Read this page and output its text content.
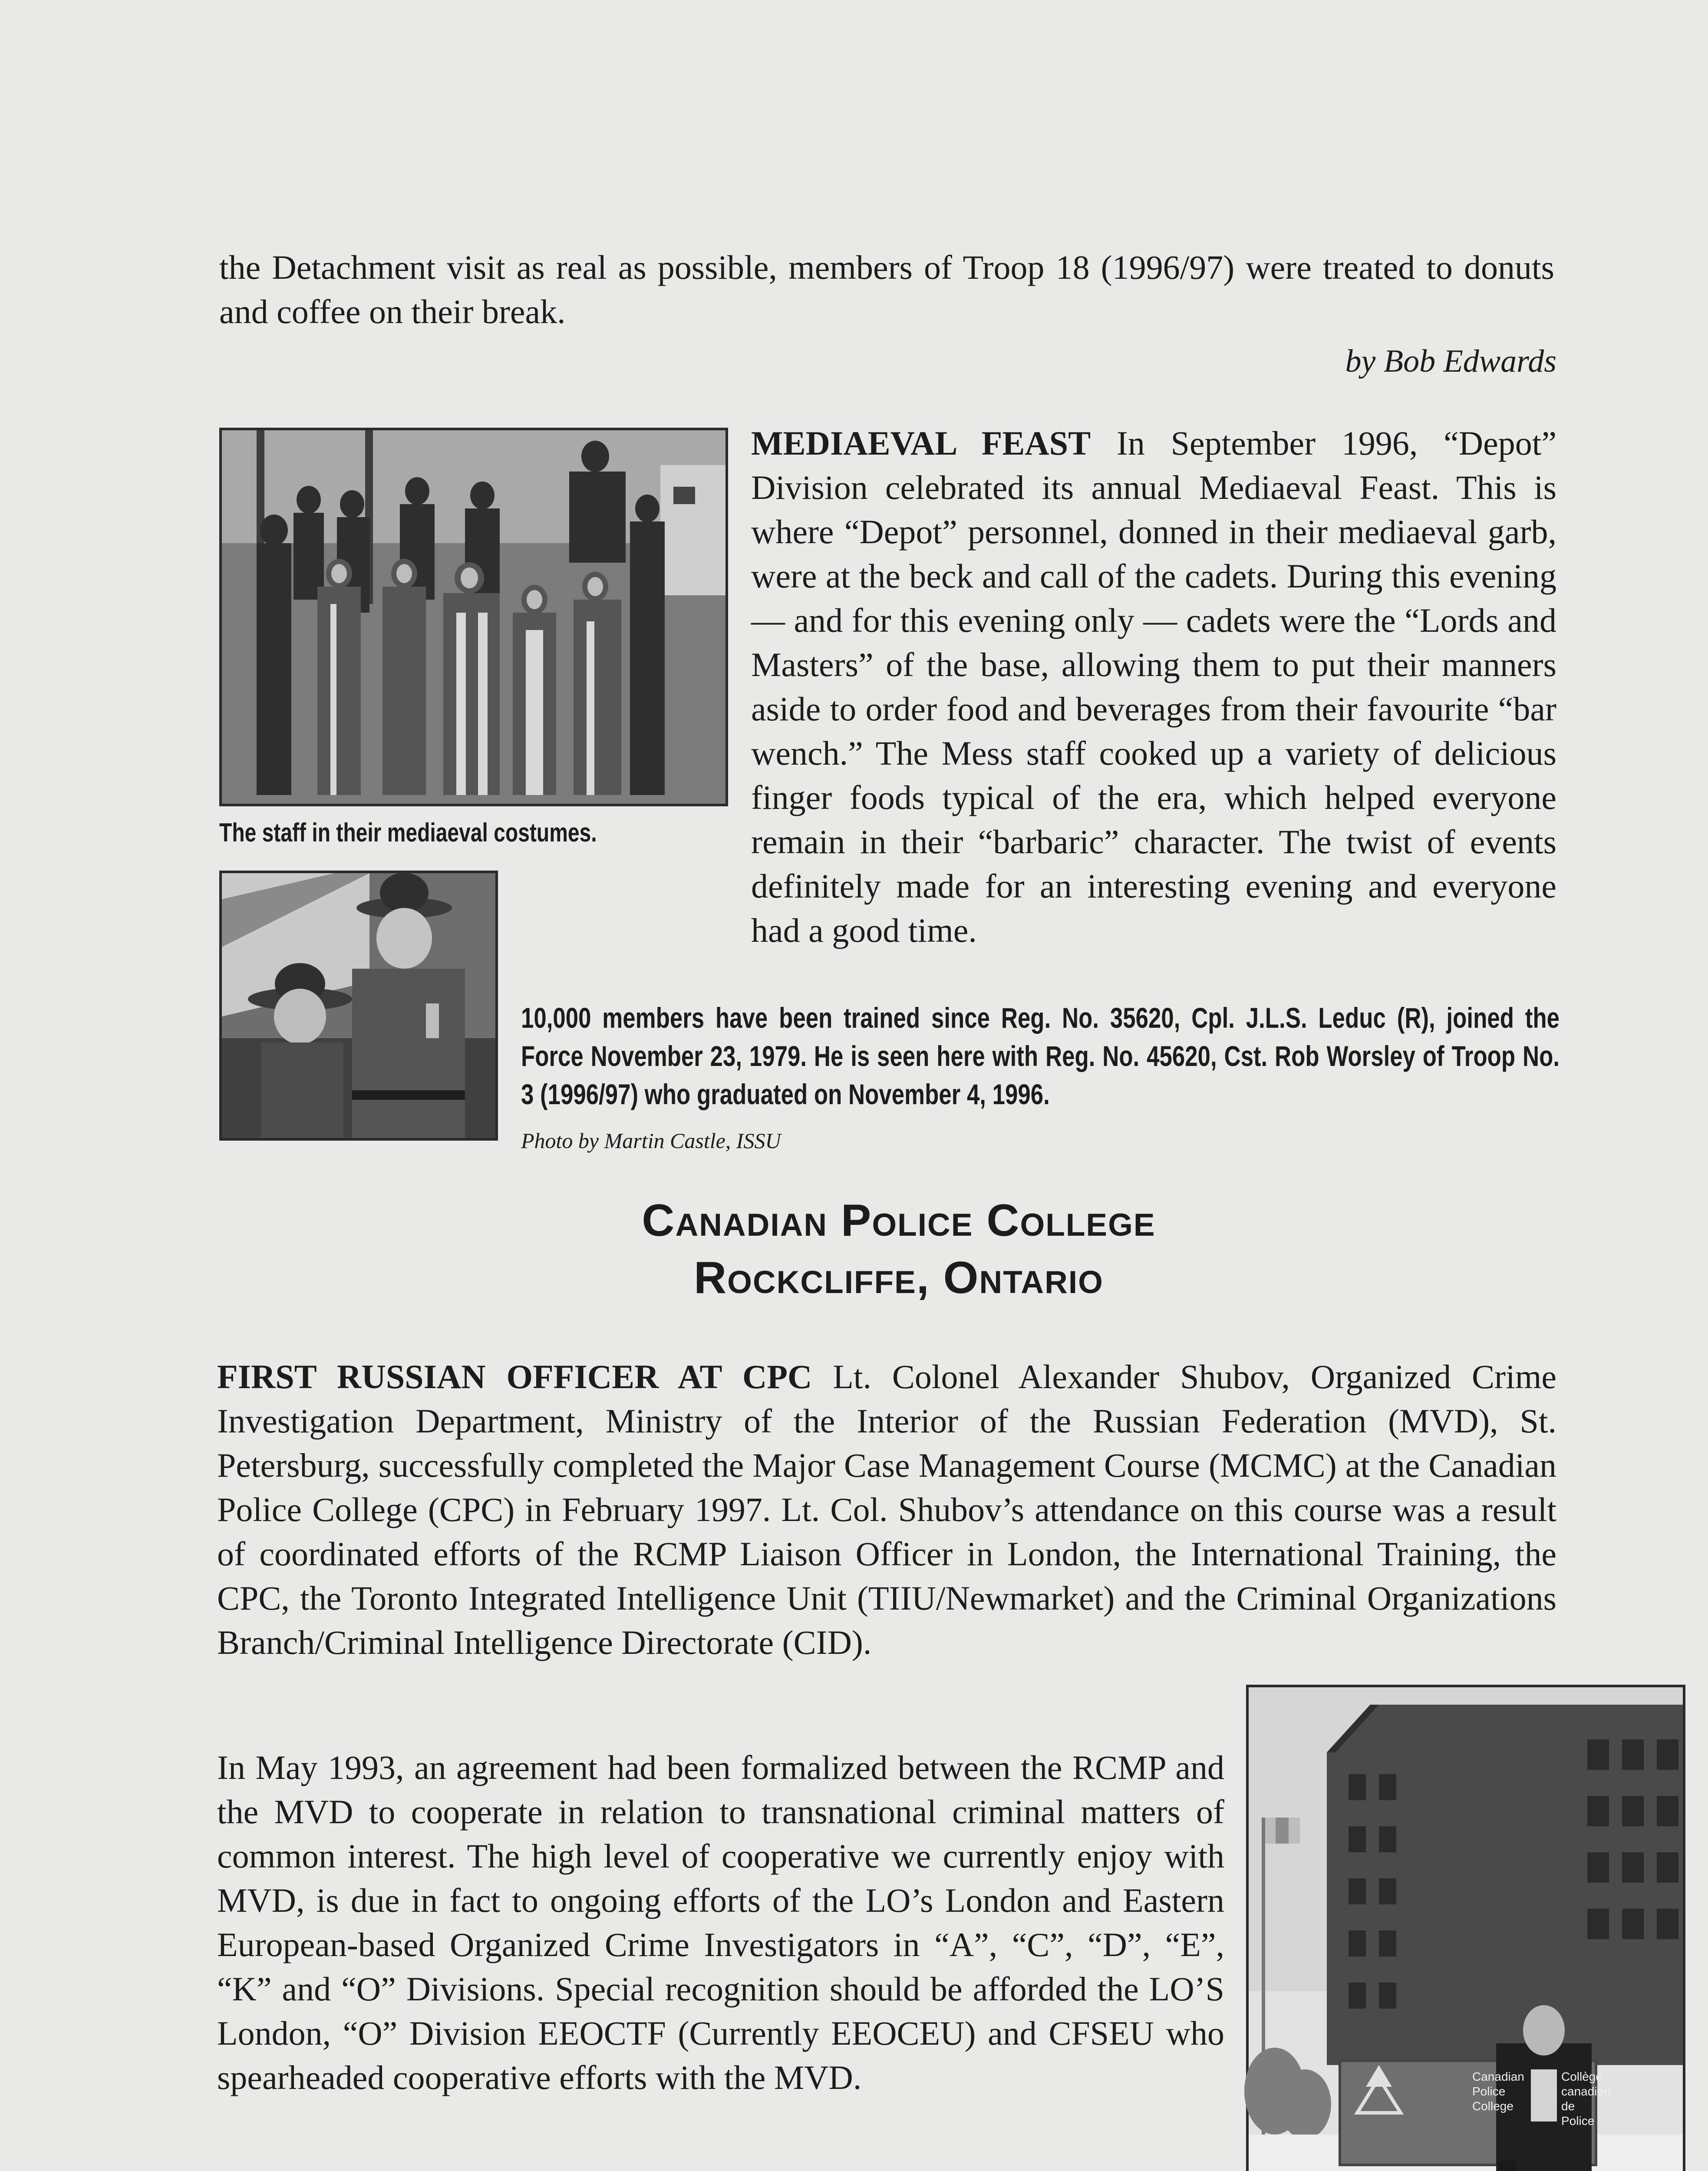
the Detachment visit as real as possible, members of Troop 18 (1996/97) were treated to donuts and coffee on their break.

by Bob Edwards

The staff in their mediaeval costumes.

MEDIAEVAL FEAST In September 1996, “Depot” Division celebrated its annual Mediaeval Feast. This is where “Depot” personnel, donned in their mediaeval garb, were at the beck and call of the cadets. During this evening — and for this evening only — cadets were the “Lords and Masters” of the base, allowing them to put their manners aside to order food and beverages from their favourite “bar wench.” The Mess staff cooked up a variety of delicious finger foods typical of the era, which helped everyone remain in their “barbaric” character. The twist of events definitely made for an interesting evening and everyone had a good time.

10,000 members have been trained since Reg. No. 35620, Cpl. J.L.S. Leduc (R), joined the Force November 23, 1979. He is seen here with Reg. No. 45620, Cst. Rob Worsley of Troop No. 3 (1996/97) who graduated on November 4, 1996.

Photo by Martin Castle, ISSU

Canadian Police College

Rockcliffe, Ontario

FIRST RUSSIAN OFFICER AT CPC Lt. Colonel Alexander Shubov, Organized Crime Investigation Department, Ministry of the Interior of the Russian Federation (MVD), St. Petersburg, successfully completed the Major Case Management Course (MCMC) at the Canadian Police College (CPC) in February 1997. Lt. Col. Shubov’s attendance on this course was a result of coordinated efforts of the RCMP Liaison Officer in London, the International Training, the CPC, the Toronto Integrated Intelligence Unit (TIIU/Newmarket) and the Criminal Organizations Branch/Criminal Intelligence Directorate (CID).

Canadian
Police
College
Collège
canadien
de Police

In May 1993, an agreement had been formalized between the RCMP and the MVD to cooperate in relation to transnational criminal matters of common interest. The high level of cooperative we currently enjoy with MVD, is due in fact to ongoing efforts of the LO’s London and Eastern European-based Organized Crime Investigators in “A”, “C”, “D”, “E”, “K” and “O” Divisions. Special recognition should be afforded the LO’S London, “O” Division EEOCTF (Currently EEOCEU) and CFSEU who spearheaded cooperative efforts with the MVD.
